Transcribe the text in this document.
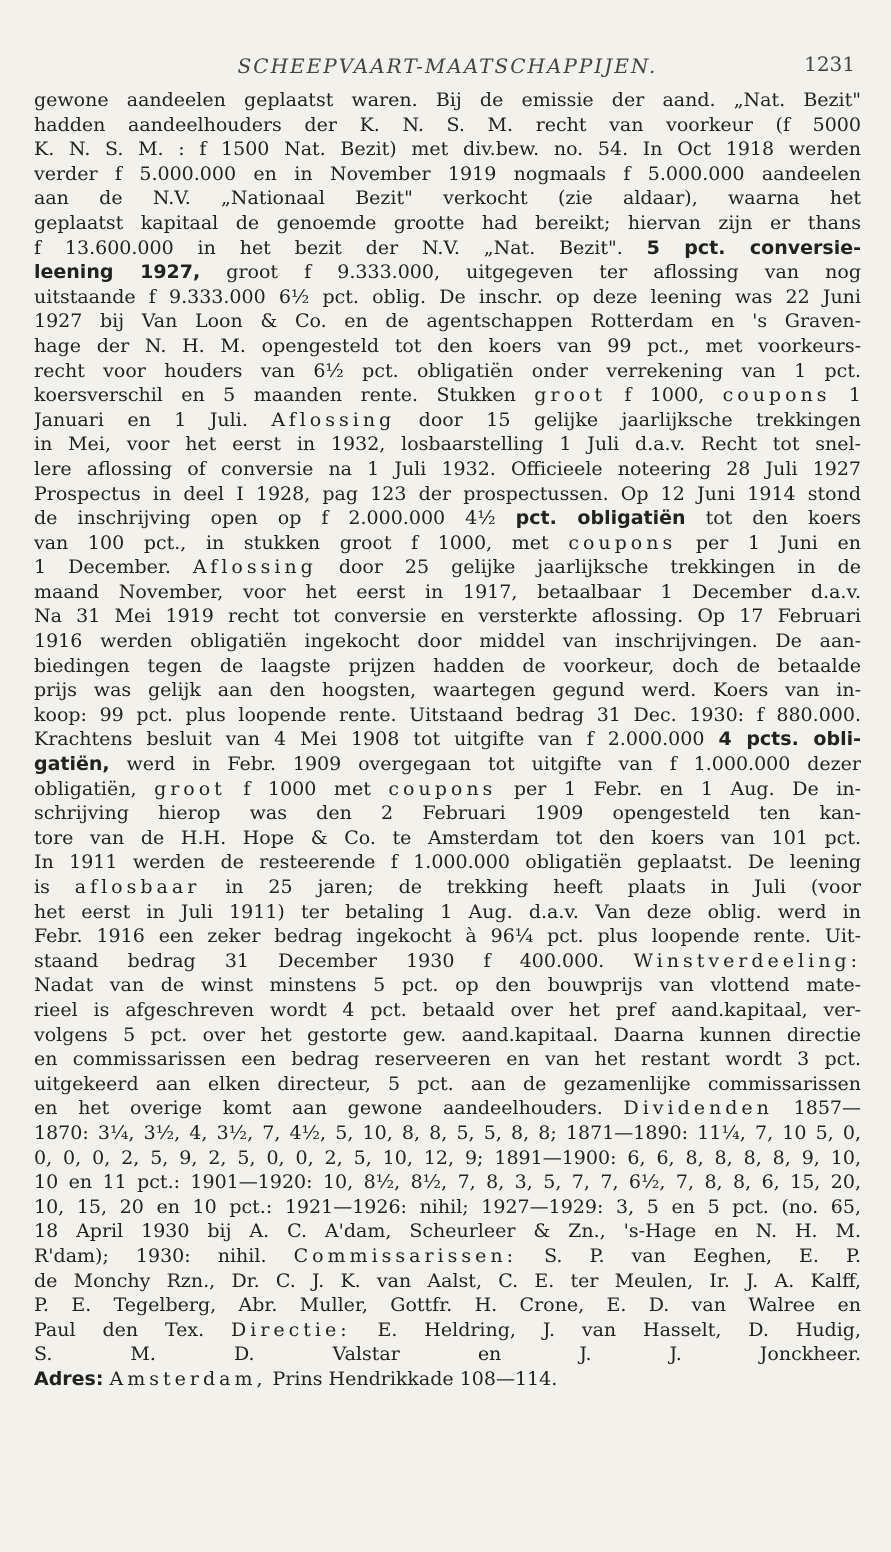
SCHEEPVAART-MAATSCHAPPIJEN.	1231
gewone aandeelen geplaatst waren. Bij de emissie der aand. „Nat. Bezit"
hadden aandeelhouders der K. N. S. M. recht van voorkeur (f 5000
K. N. S. M. : f 1500 Nat. Bezit) met div.bew. no. 54. In Oct 1918 werden
verder f 5.000.000 en in November 1919 nogmaals f 5.000.000 aandeelen
aan de N.V. „Nationaal Bezit" verkocht (zie aldaar), waarna het
geplaatst kapitaal de genoemde grootte had bereikt; hiervan zijn er thans
f 13.600.000 in het bezit der N.V. „Nat. Bezit". 5 pct. conversie-
leening 1927, groot f 9.333.000, uitgegeven ter aflossing van nog
uitstaande f 9.333.000 6½ pct. oblig. De inschr. op deze leening was 22 Juni
1927 bij Van Loon & Co. en de agentschappen Rotterdam en 's Graven-
hage der N. H. M. opengesteld tot den koers van 99 pct., met voorkeurs-
recht voor houders van 6½ pct. obligatiën onder verrekening van 1 pct.
koersverschil en 5 maanden rente. Stukken groot f 1000, coupons 1
Januari en 1 Juli. Aflossing door 15 gelijke jaarlijksche trekkingen
in Mei, voor het eerst in 1932, losbaarstelling 1 Juli d.a.v. Recht tot snel-
lere aflossing of conversie na 1 Juli 1932. Officieele noteering 28 Juli 1927
Prospectus in deel I 1928, pag 123 der prospectussen. Op 12 Juni 1914 stond
de inschrijving open op f 2.000.000 4½ pct. obligatiën tot den koers
van 100 pct., in stukken groot f 1000, met coupons per 1 Juni en
1 December. Aflossing door 25 gelijke jaarlijksche trekkingen in de
maand November, voor het eerst in 1917, betaalbaar 1 December d.a.v.
Na 31 Mei 1919 recht tot conversie en versterkte aflossing. Op 17 Februari
1916 werden obligatiën ingekocht door middel van inschrijvingen. De aan-
biedingen tegen de laagste prijzen hadden de voorkeur, doch de betaalde
prijs was gelijk aan den hoogsten, waartegen gegund werd. Koers van in-
koop: 99 pct. plus loopende rente. Uitstaand bedrag 31 Dec. 1930: f 880.000.
Krachtens besluit van 4 Mei 1908 tot uitgifte van f 2.000.000 4 pcts. obli-
gatiën, werd in Febr. 1909 overgegaan tot uitgifte van f 1.000.000 dezer
obligatiën, groot f 1000 met coupons per 1 Febr. en 1 Aug. De in-
schrijving hierop was den 2 Februari 1909 opengesteld ten kan-
tore van de H.H. Hope & Co. te Amsterdam tot den koers van 101 pct.
In 1911 werden de resteerende f 1.000.000 obligatiën geplaatst. De leening
is aflosbaar in 25 jaren; de trekking heeft plaats in Juli (voor
het eerst in Juli 1911) ter betaling 1 Aug. d.a.v. Van deze oblig. werd in
Febr. 1916 een zeker bedrag ingekocht à 96¼ pct. plus loopende rente. Uit-
staand bedrag 31 December 1930 f 400.000. Winstverdeeling:
Nadat van de winst minstens 5 pct. op den bouwprijs van vlottend mate-
rieel is afgeschreven wordt 4 pct. betaald over het pref aand.kapitaal, ver-
volgens 5 pct. over het gestorte gew. aand.kapitaal. Daarna kunnen directie
en commissarissen een bedrag reserveeren en van het restant wordt 3 pct.
uitgekeerd aan elken directeur, 5 pct. aan de gezamenlijke commissarissen
en het overige komt aan gewone aandeelhouders. Dividenden 1857—
1870: 3¼, 3½, 4, 3½, 7, 4½, 5, 10, 8, 8, 5, 5, 8, 8; 1871—1890: 11¼, 7, 10 5, 0,
0, 0, 0, 2, 5, 9, 2, 5, 0, 0, 2, 5, 10, 12, 9; 1891—1900: 6, 6, 8, 8, 8, 8, 9, 10,
10 en 11 pct.: 1901—1920: 10, 8½, 8½, 7, 8, 3, 5, 7, 7, 6½, 7, 8, 8, 6, 15, 20,
10, 15, 20 en 10 pct.: 1921—1926: nihil; 1927—1929: 3, 5 en 5 pct. (no. 65,
18 April 1930 bij A. C. A'dam, Scheurleer & Zn., 's-Hage en N. H. M.
R'dam); 1930: nihil. Commissarissen: S. P. van Eeghen, E. P.
de Monchy Rzn., Dr. C. J. K. van Aalst, C. E. ter Meulen, Ir. J. A. Kalff,
P. E. Tegelberg, Abr. Muller, Gottfr. H. Crone, E. D. van Walree en
Paul den Tex. Directie: E. Heldring, J. van Hasselt, D. Hudig,
S. M. D. Valstar en J. J. Jonckheer.
Adres: Amsterdam, Prins Hendrikkade 108—114.
